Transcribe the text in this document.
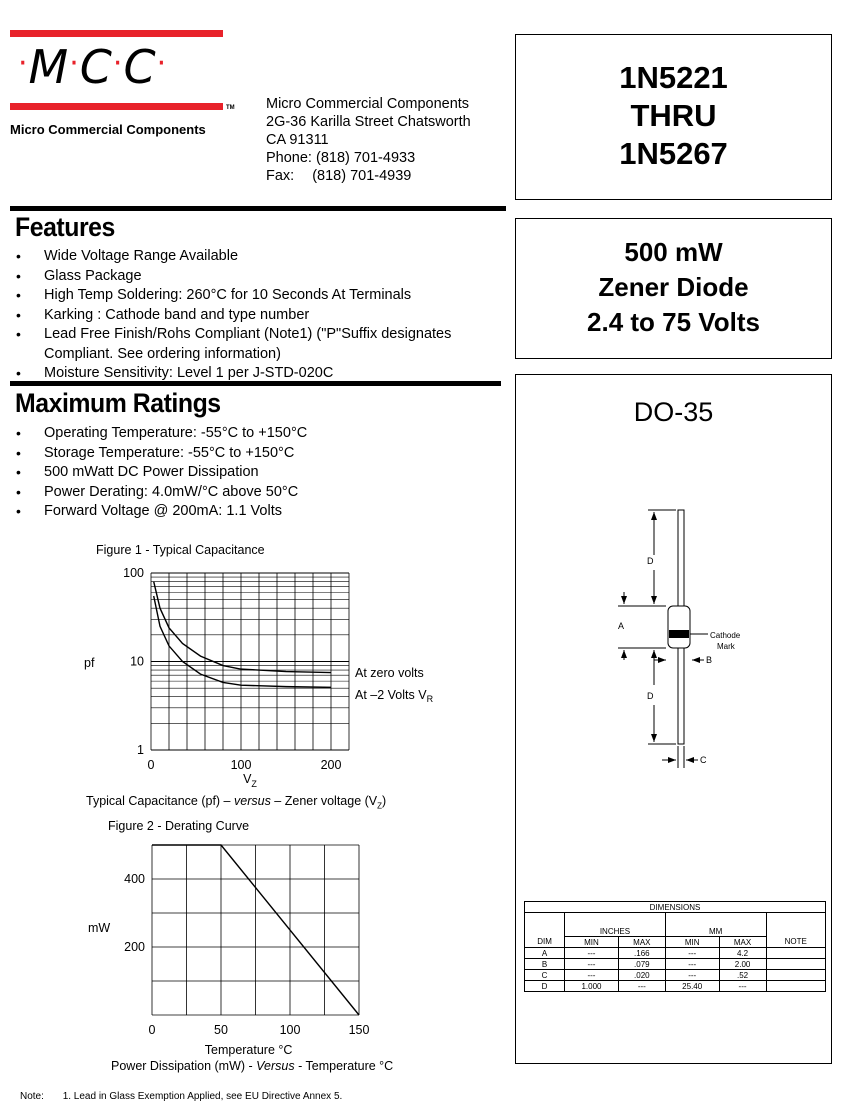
·M·C·C·
TM
Micro Commercial Components
Micro Commercial Components
2G-36 Karilla Street Chatsworth
CA 91311
Phone: (818) 701-4933
Fax: (818) 701-4939
1N5221
THRU
1N5267
500 mW
Zener Diode
2.4 to 75 Volts
DO-35
D
A
B
D
C
Cathode
Mark
DIMENSIONS					
	INCHES		MM		

DIM	MIN	MAX	MIN	MAX	NOTE
A	---	.166	---	4.2	
B	---	.079	---	2.00	
C	---	.020	---	.52	
D	1.000	---	25.40	---	
Features
• Wide Voltage Range Available
• Glass Package
• High Temp Soldering: 260°C for 10 Seconds At Terminals
• Karking : Cathode band and type number
• Lead Free Finish/Rohs Compliant (Note1) ("P"Suffix designates Compliant. See ordering information)
• Moisture Sensitivity: Level 1 per J-STD-020C
Maximum Ratings
• Operating Temperature: -55°C to +150°C
• Storage Temperature: -55°C to +150°C
• 500 mWatt DC Power Dissipation
• Power Derating: 4.0mW/°C above 50°C
• Forward Voltage @ 200mA: 1.1 Volts
Figure 1 - Typical Capacitance
0	100	200
1
10
100
pf
$V_Z$
At zero volts
At –2 Volts $V_R$
Typical Capacitance (pf) – versus – Zener voltage $(V_Z)$
Figure 2 - Derating Curve
0	50	100	150
200
400
mW
Temperature °C
Power Dissipation (mW) - Versus - Temperature °C
Note: 1. Lead in Glass Exemption Applied, see EU Directive Annex 5.
